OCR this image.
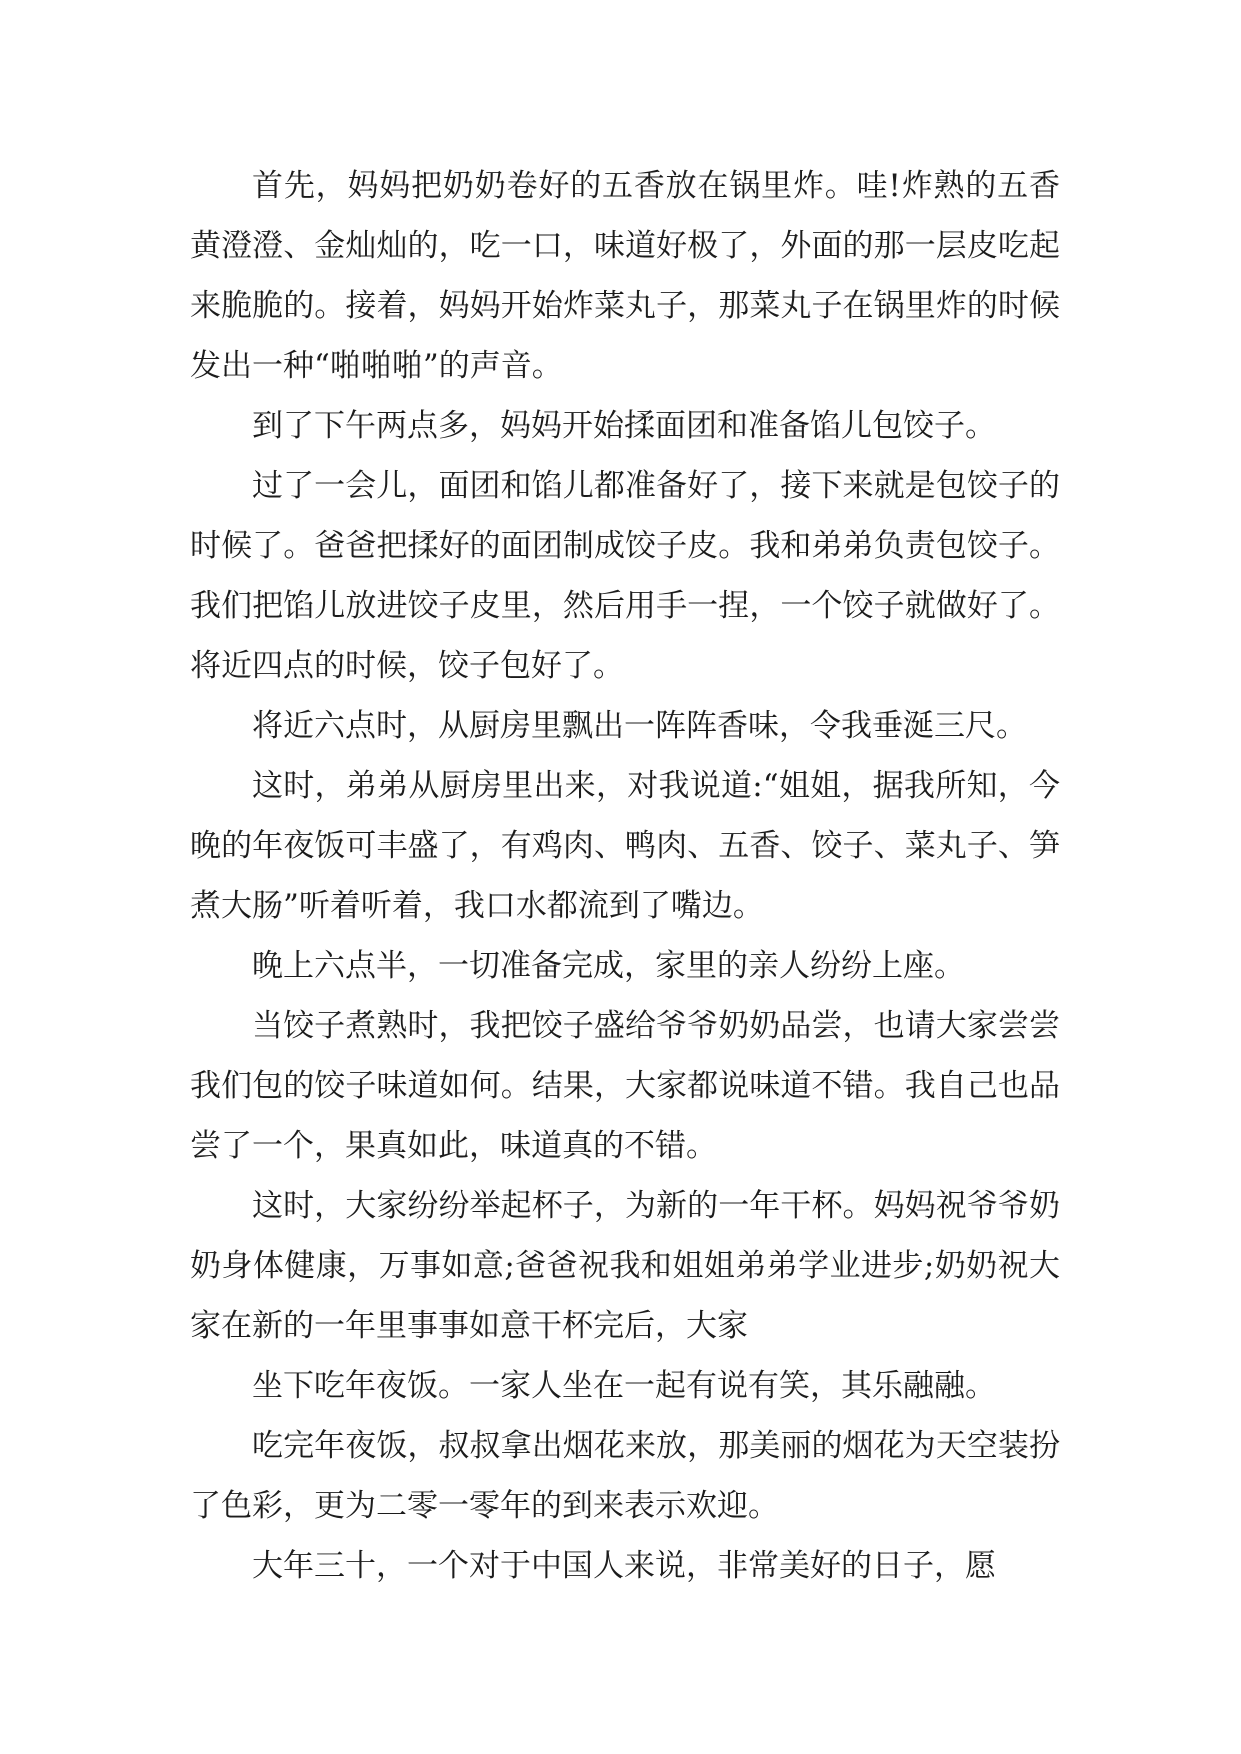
首先，妈妈把奶奶卷好的五香放在锅里炸。哇!炸熟的五香黄澄澄、金灿灿的，吃一口，味道好极了，外面的那一层皮吃起来脆脆的。接着，妈妈开始炸菜丸子，那菜丸子在锅里炸的时候发出一种“啪啪啪”的声音。

到了下午两点多，妈妈开始揉面团和准备馅儿包饺子。

过了一会儿，面团和馅儿都准备好了，接下来就是包饺子的时候了。爸爸把揉好的面团制成饺子皮。我和弟弟负责包饺子。我们把馅儿放进饺子皮里，然后用手一捏，一个饺子就做好了。将近四点的时候，饺子包好了。

将近六点时，从厨房里飘出一阵阵香味，令我垂涎三尺。

这时，弟弟从厨房里出来，对我说道:“姐姐，据我所知，今晚的年夜饭可丰盛了，有鸡肉、鸭肉、五香、饺子、菜丸子、笋煮大肠”听着听着，我口水都流到了嘴边。

晚上六点半，一切准备完成，家里的亲人纷纷上座。

当饺子煮熟时，我把饺子盛给爷爷奶奶品尝，也请大家尝尝我们包的饺子味道如何。结果，大家都说味道不错。我自己也品尝了一个，果真如此，味道真的不错。

这时，大家纷纷举起杯子，为新的一年干杯。妈妈祝爷爷奶奶身体健康，万事如意;爸爸祝我和姐姐弟弟学业进步;奶奶祝大家在新的一年里事事如意干杯完后，大家

坐下吃年夜饭。一家人坐在一起有说有笑，其乐融融。

吃完年夜饭，叔叔拿出烟花来放，那美丽的烟花为天空装扮了色彩，更为二零一零年的到来表示欢迎。

大年三十，一个对于中国人来说，非常美好的日子，愿
